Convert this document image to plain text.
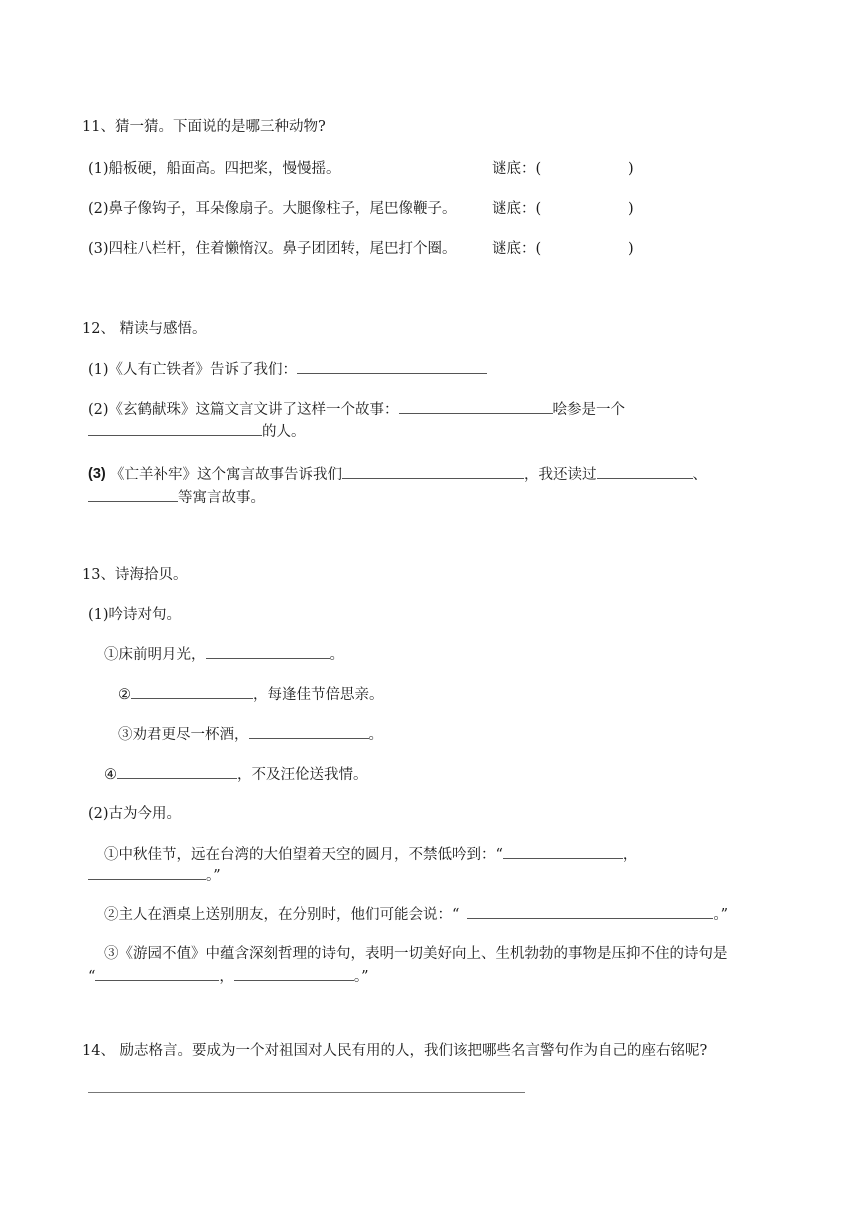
11、猜一猜。下面说的是哪三种动物?
(1)船板硬，船面高。四把桨，慢慢摇。	谜底：(	)
(2)鼻子像钩子，耳朵像扇子。大腿像柱子，尾巴像鞭子。 谜底：(	)
(3)四柱八栏杆，住着懒惰汉。鼻子团团转，尾巴打个圈。 谜底：(	)
12、 精读与感悟。
(1)《人有亡铁者》告诉了我们：
(2)《玄鹤献珠》这篇文言文讲了这样一个故事：	哙参是一个
的人。
(3) 《亡羊补牢》这个寓言故事告诉我们	，我还读过	、
等寓言故事。
13、诗海拾贝。
(1)吟诗对句。
①床前明月光，	。
②	，每逢佳节倍思亲。
③劝君更尽一杯酒，	。
④	，不及汪伦送我情。
(2)古为今用。
①中秋佳节，远在台湾的大伯望着天空的圆月，不禁低吟到：“	，
。”
②主人在酒桌上送别朋友，在分别时，他们可能会说：“	。”
③《游园不值》中蕴含深刻哲理的诗句，表明一切美好向上、生机勃勃的事物是压抑不住的诗句是
“	，	。”
14、 励志格言。要成为一个对祖国对人民有用的人，我们该把哪些名言警句作为自己的座右铭呢?
